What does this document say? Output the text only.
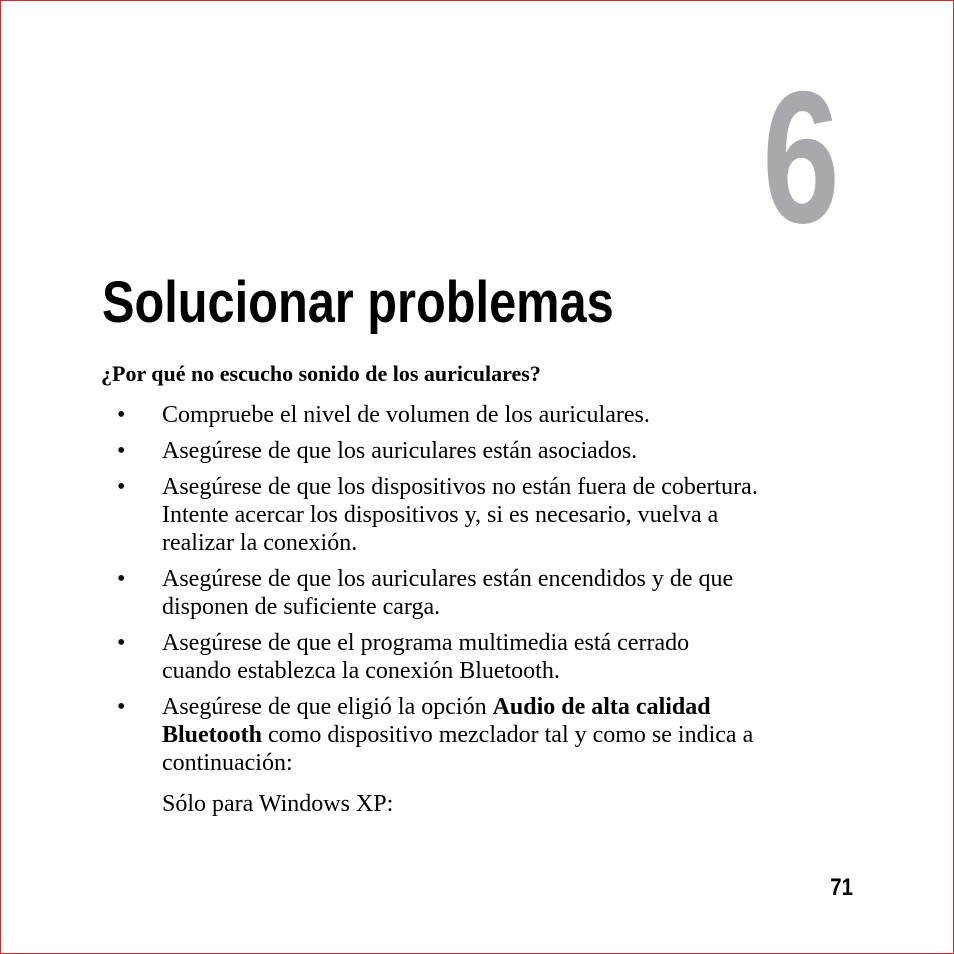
6
Solucionar problemas
¿Por qué no escucho sonido de los auriculares?
• Compruebe el nivel de volumen de los auriculares.
• Asegúrese de que los auriculares están asociados.
• Asegúrese de que los dispositivos no están fuera de cobertura.
Intente acercar los dispositivos y, si es necesario, vuelva a
realizar la conexión.
• Asegúrese de que los auriculares están encendidos y de que
disponen de suficiente carga.
• Asegúrese de que el programa multimedia está cerrado
cuando establezca la conexión Bluetooth.
• Asegúrese de que eligió la opción Audio de alta calidad
Bluetooth como dispositivo mezclador tal y como se indica a
continuación:

Sólo para Windows XP:

71
